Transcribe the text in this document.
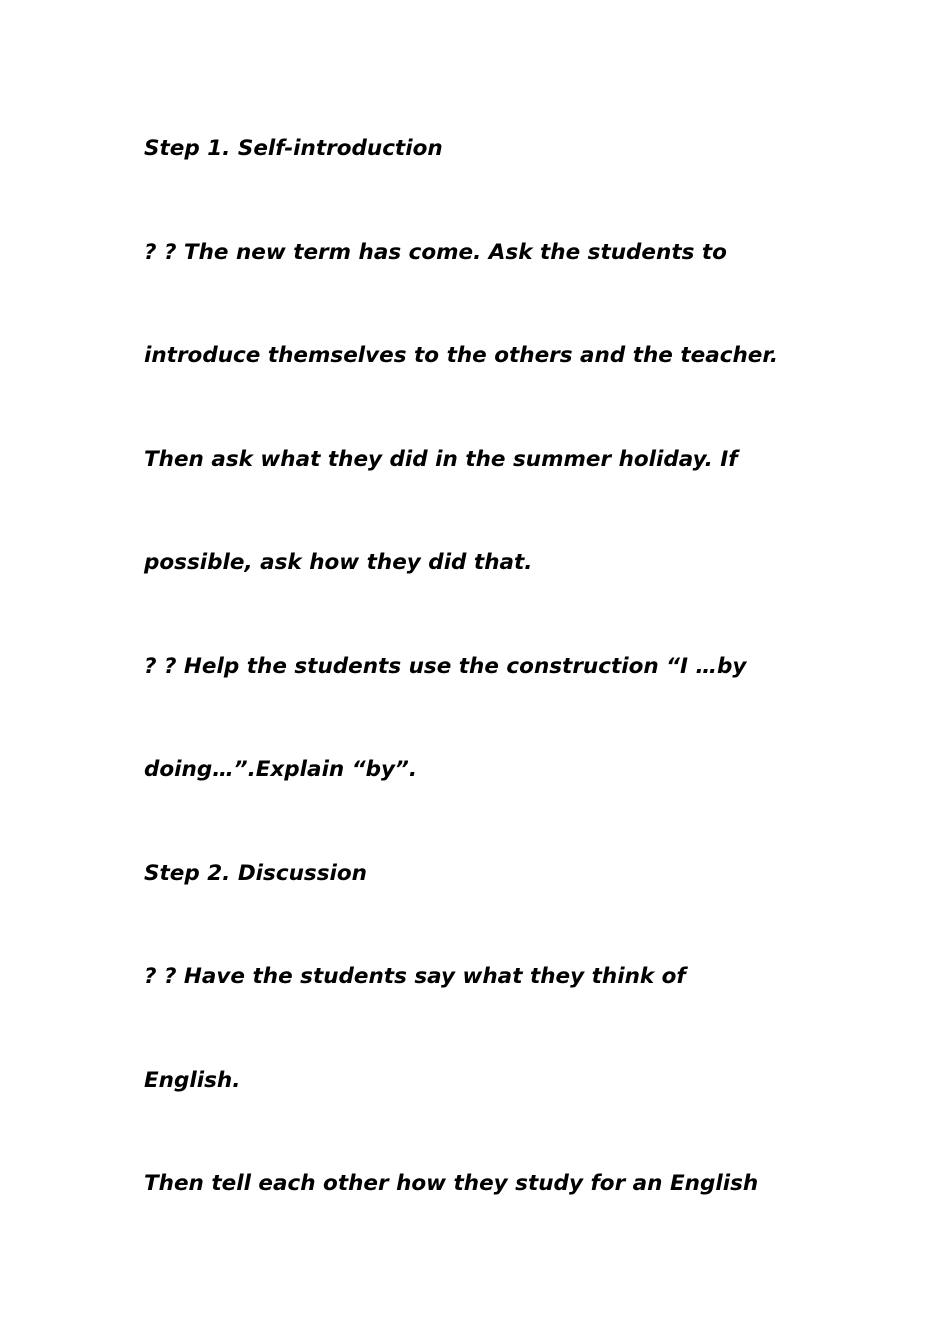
Step 1. Self-introduction

? ? The new term has come. Ask the students to

introduce themselves to the others and the teacher.

Then ask what they did in the summer holiday. If

possible, ask how they did that.

? ? Help the students use the construction “I …by

doing…”.Explain “by”.

Step 2. Discussion

? ? Have the students say what they think of

English.

Then tell each other how they study for an English
